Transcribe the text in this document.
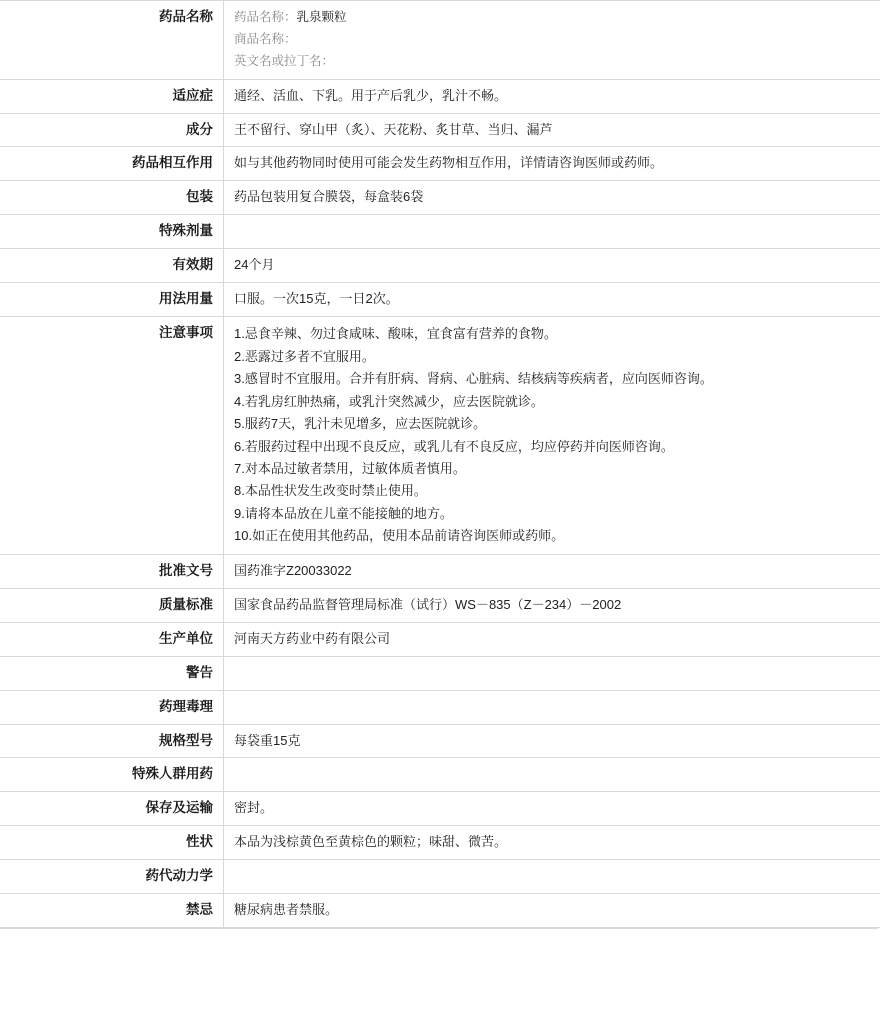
药品名称	药品名称：乳泉颗粒
商品名称：
英文名或拉丁名：

适应症	通经、活血、下乳。用于产后乳少，乳汁不畅。
成分	王不留行、穿山甲（炙）、天花粉、炙甘草、当归、漏芦
药品相互作用	如与其他药物同时使用可能会发生药物相互作用，详情请咨询医师或药师。
包装	药品包装用复合膜袋，每盒装6袋
特殊剂量	
有效期	24个月
用法用量	口服。一次15克，一日2次。
注意事项	1.忌食辛辣、勿过食咸味、酸味，宜食富有营养的食物。
2.恶露过多者不宜服用。
3.感冒时不宜服用。合并有肝病、肾病、心脏病、结核病等疾病者，应向医师咨询。
4.若乳房红肿热痛，或乳汁突然减少，应去医院就诊。
5.服药7天，乳汁未见增多，应去医院就诊。
6.若服药过程中出现不良反应，或乳儿有不良反应，均应停药并向医师咨询。
7.对本品过敏者禁用，过敏体质者慎用。
8.本品性状发生改变时禁止使用。
9.请将本品放在儿童不能接触的地方。
10.如正在使用其他药品，使用本品前请咨询医师或药师。

批准文号	国药准字Z20033022
质量标准	国家食品药品监督管理局标准（试行）WS－835（Z－234）－2002
生产单位	河南天方药业中药有限公司
警告	
药理毒理	
规格型号	每袋重15克
特殊人群用药	
保存及运输	密封。
性状	本品为浅棕黄色至黄棕色的颗粒；味甜、微苦。
药代动力学	
禁忌	糖尿病患者禁服。
